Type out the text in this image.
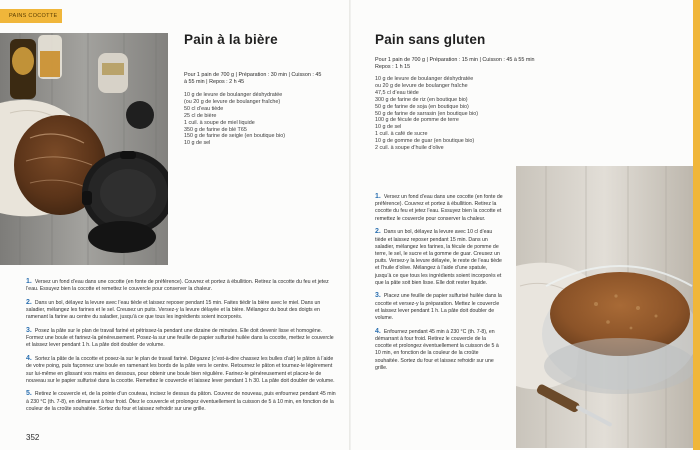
PAINS COCOTTE
Pain à la bière
Pour 1 pain de 700 g | Préparation : 30 min | Cuisson : 45
à 55 min | Repos : 2 h 45
10 g de levure de boulanger déshydratée
(ou 20 g de levure de boulanger fraîche)
50 cl d’eau tiède
25 cl de bière
1 cuil. à soupe de miel liquide
350 g de farine de blé T65
150 g de farine de seigle (en boutique bio)
10 g de sel
1. Versez un fond d’eau dans une cocotte (en fonte de préférence). Couvrez et portez à ébullition. Retirez la cocotte du feu et jetez l’eau. Essuyez bien la cocotte et remettez le couvercle pour conserver la chaleur.
2. Dans un bol, délayez la levure avec l’eau tiède et laissez reposer pendant 15 min. Faites tiédir la bière avec le miel. Dans un saladier, mélangez les farines et le sel. Creusez un puits. Versez-y la levure délayée et la bière. Mélangez du bout des doigts en ramenant la farine au centre du saladier, jusqu’à ce que tous les ingrédients soient incorporés.
3. Posez la pâte sur le plan de travail fariné et pétrissez-la pendant une dizaine de minutes. Elle doit devenir lisse et homogène. Formez une boule et farinez-la généreusement. Posez-la sur une feuille de papier sulfurisé huilée dans la cocotte, mettez le couvercle et laissez lever pendant 1 h. La pâte doit doubler de volume.
4. Sortez la pâte de la cocotte et posez-la sur le plan de travail fariné. Dégazez (c’est-à-dire chassez les bulles d’air) le pâton à l’aide de votre poing, puis façonnez une boule en ramenant les bords de la pâte vers le centre. Retournez le pâton et tournez-le légèrement sur lui-même en glissant vos mains en dessous, pour obtenir une boule bien régulière. Farinez-le généreusement et placez-le de nouveau sur le papier sulfurisé dans la cocotte. Remettez le couvercle et laissez lever pendant 1 h 30. La pâte doit doubler de volume.
5. Retirez le couvercle et, de la pointe d’un couteau, incisez le dessus du pâton. Couvrez de nouveau, puis enfournez pendant 45 min à 230 °C (th. 7-8), en démarrant à four froid. Ôtez le couvercle et prolongez éventuellement la cuisson de 5 à 10 min, en fonction de la couleur de la croûte souhaitée. Sortez du four et laissez refroidir sur une grille.
352
Pain sans gluten
Pour 1 pain de 700 g | Préparation : 15 min | Cuisson : 45 à 55 min
Repos : 1 h 15
10 g de levure de boulanger déshydratée
ou 20 g de levure de boulanger fraîche
47,5 cl d’eau tiède
300 g de farine de riz (en boutique bio)
50 g de farine de soja (en boutique bio)
50 g de farine de sarrasin (en boutique bio)
100 g de fécule de pomme de terre
10 g de sel
1 cuil. à café de sucre
10 g de gomme de guar (en boutique bio)
2 cuil. à soupe d’huile d’olive
1. Versez un fond d’eau dans une cocotte (en fonte de préférence). Couvrez et portez à ébullition. Retirez la cocotte du feu et jetez l’eau. Essuyez bien la cocotte et remettez le couvercle pour conserver la chaleur.
2. Dans un bol, délayez la levure avec 10 cl d’eau tiède et laissez reposer pendant 15 min. Dans un saladier, mélangez les farines, la fécule de pomme de terre, le sel, le sucre et la gomme de guar. Creusez un puits. Versez-y la levure délayée, le reste de l’eau tiède et l’huile d’olive. Mélangez à l’aide d’une spatule, jusqu’à ce que tous les ingrédients soient incorporés et que la pâte soit bien lisse. Elle doit rester liquide.
3. Placez une feuille de papier sulfurisé huilée dans la cocotte et versez-y la préparation. Mettez le couvercle et laissez lever pendant 1 h. La pâte doit doubler de volume.
4. Enfournez pendant 45 min à 230 °C (th. 7-8), en démarrant à four froid. Retirez le couvercle de la cocotte et prolongez éventuellement la cuisson de 5 à 10 min, en fonction de la couleur de la croûte souhaitée. Sortez du four et laissez refroidir sur une grille.
